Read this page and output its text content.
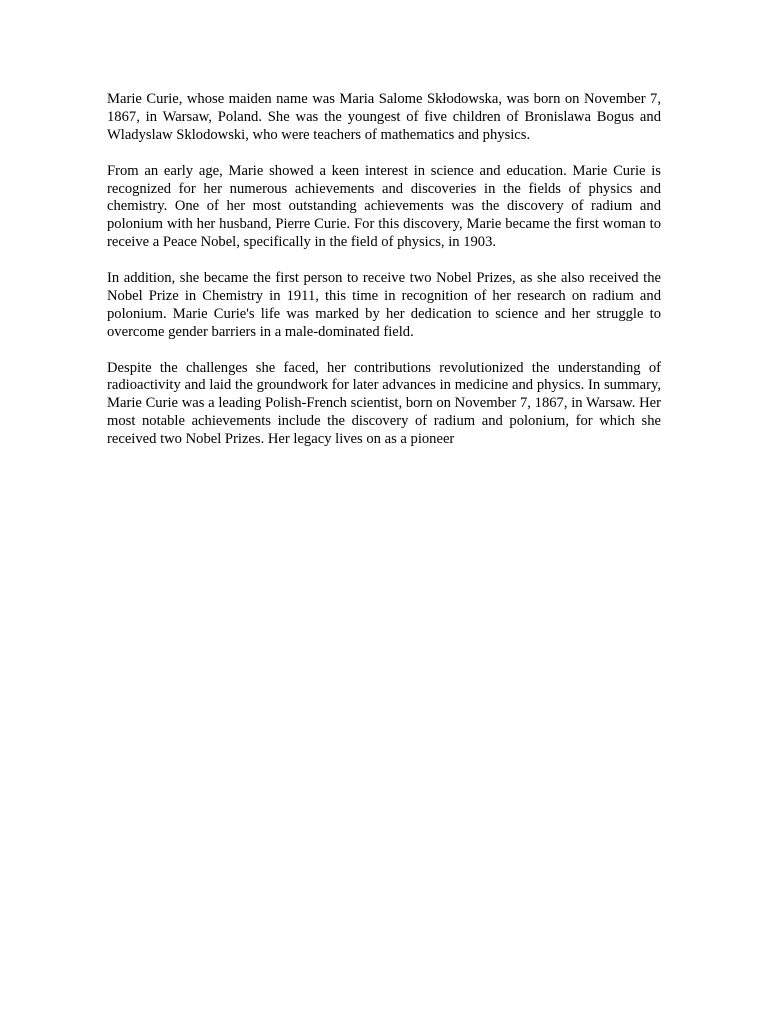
Marie Curie, whose maiden name was Maria Salome Skłodowska, was born on November 7, 1867, in Warsaw, Poland. She was the youngest of five children of Bronislawa Bogus and Wladyslaw Sklodowski, who were teachers of mathematics and physics.

From an early age, Marie showed a keen interest in science and education. Marie Curie is recognized for her numerous achievements and discoveries in the fields of physics and chemistry. One of her most outstanding achievements was the discovery of radium and polonium with her husband, Pierre Curie. For this discovery, Marie became the first woman to receive a Peace Nobel, specifically in the field of physics, in 1903.

In addition, she became the first person to receive two Nobel Prizes, as she also received the Nobel Prize in Chemistry in 1911, this time in recognition of her research on radium and polonium. Marie Curie's life was marked by her dedication to science and her struggle to overcome gender barriers in a male-dominated field.

Despite the challenges she faced, her contributions revolutionized the understanding of radioactivity and laid the groundwork for later advances in medicine and physics. In summary, Marie Curie was a leading Polish-French scientist, born on November 7, 1867, in Warsaw. Her most notable achievements include the discovery of radium and polonium, for which she received two Nobel Prizes. Her legacy lives on as a pioneer
